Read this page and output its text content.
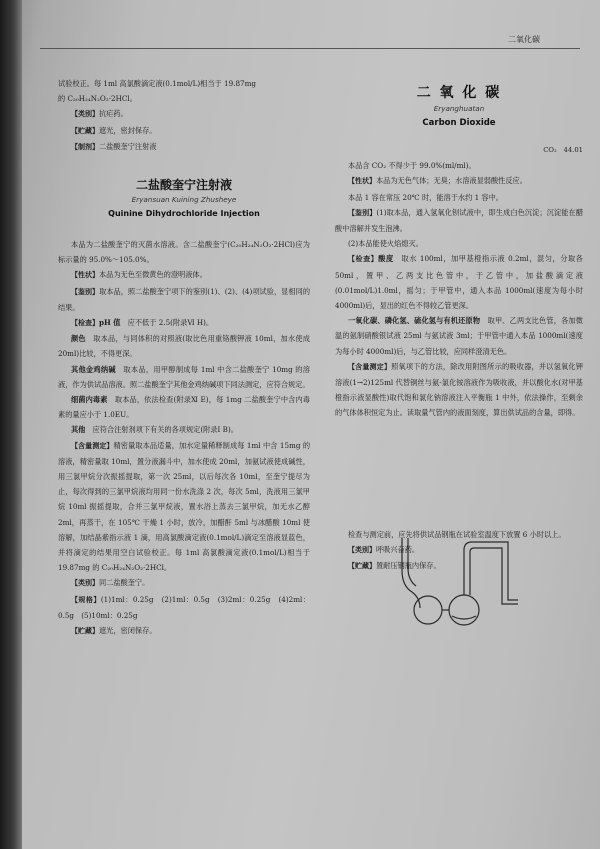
二氧化碳

试验校正。每 1ml 高氯酸滴定液(0.1mol/L)相当于 19.87mg

的 C₂₀H₂₄N₂O₂·2HCl。

【类别】抗疟药。

【贮藏】遮光，密封保存。

【制剂】二盐酸奎宁注射液

二盐酸奎宁注射液
Eryansuan Kuining Zhusheye
Quinine Dihydrochloride Injection

本品为二盐酸奎宁的灭菌水溶液。含二盐酸奎宁(C₂₀H₂₄N₂O₂·2HCl)应为标示量的 95.0%～105.0%。

【性状】本品为无色至微黄色的澄明液体。

【鉴别】取本品，照二盐酸奎宁项下的鉴别(1)、(2)、(4)项试验，显相同的结果。

【检查】pH 值　 应不低于 2.5(附录Ⅵ H)。

颜色　 取本品，与同体积的对照液(取比色用重铬酸钾液 10ml，加水使成 20ml)比较，不得更深。

其他金鸡纳碱　 取本品，用甲醇制成每 1ml 中含二盐酸奎宁 10mg 的溶液，作为供试品溶液。照二盐酸奎宁其他金鸡纳碱项下同法测定，应符合规定。

细菌内毒素　 取本品，依法检查(附录Ⅺ E)，每 1mg 二盐酸奎宁中含内毒素的量应小于 1.0EU。

其他　 应符合注射剂项下有关的各项规定(附录Ⅰ B)。

【含量测定】精密量取本品适量，加水定量稀释制成每 1ml 中含 15mg 的溶液，精密量取 10ml，置分液漏斗中，加水使成 20ml，加氨试液使成碱性，用三氯甲烷分次振摇提取，第一次 25ml，以后每次各 10ml，至奎宁提尽为止，每次得到的三氯甲烷液均用同一份水洗涤 2 次，每次 5ml，洗液用三氯甲烷 10ml 振摇提取，合并三氯甲烷液，置水浴上蒸去三氯甲烷，加无水乙醇 2ml，再蒸干，在 105℃ 干燥 1 小时，放冷，加醋酐 5ml 与冰醋酸 10ml 使溶解，加结晶紫指示液 1 滴，用高氯酸滴定液(0.1mol/L)滴定至溶液显蓝色，并将滴定的结果用空白试验校正。每 1ml 高氯酸滴定液(0.1mol/L)相当于 19.87mg 的 C₂₀H₂₄N₂O₂·2HCl。

【类别】同二盐酸奎宁。

【规格】(1)1ml：0.25g　(2)1ml：0.5g　(3)2ml：0.25g　(4)2ml：0.5g　(5)10ml：0.25g

【贮藏】遮光，密闭保存。

二 氧 化 碳
Eryanghuatan
Carbon Dioxide

CO₂　44.01

本品含 CO₂ 不得少于 99.0%(ml/ml)。

【性状】本品为无色气体；无臭；水溶液显弱酸性反应。

本品 1 容在常压 20℃ 时，能溶于水约 1 容中。

【鉴别】(1)取本品，通入氢氧化钡试液中，即生成白色沉淀；沉淀能在醋酸中溶解并发生泡沸。

(2)本品能使火焰熄灭。

【检查】酸度　 取水 100ml，加甲基橙指示液 0.2ml，混匀，分取各 50ml，置甲、乙两支比色管中，于乙管中，加盐酸滴定液(0.01mol/L)1.0ml，摇匀；于甲管中，通入本品 1000ml(速度为每小时 4000ml)后，显出的红色不得较乙管更深。

一氧化碳、磷化氢、硫化氢与有机还原物　 取甲、乙两支比色管，各加微温的氨制硝酸银试液 25ml 与氨试液 3ml；于甲管中通入本品 1000ml(速度为每小时 4000ml)后，与乙管比较，应同样澄清无色。

【含量测定】照氧项下的方法，除改用附图所示的吸收器，并以氢氧化钾溶液(1→2)125ml 代替铜丝与氨-氯化铵溶液作为吸收液，并以酸化水(对甲基橙指示液显酸性)取代饱和氯化钠溶液注入平衡瓶 1 中外，依法操作，至剩余的气体体积恒定为止。读取量气管内的液面刻度，算出供试品的含量，即得。

检查与测定前，应先将供试品钢瓶在试验室温度下放置 6 小时以上。

【类别】呼吸兴奋药。

【贮藏】置耐压钢瓶内保存。
